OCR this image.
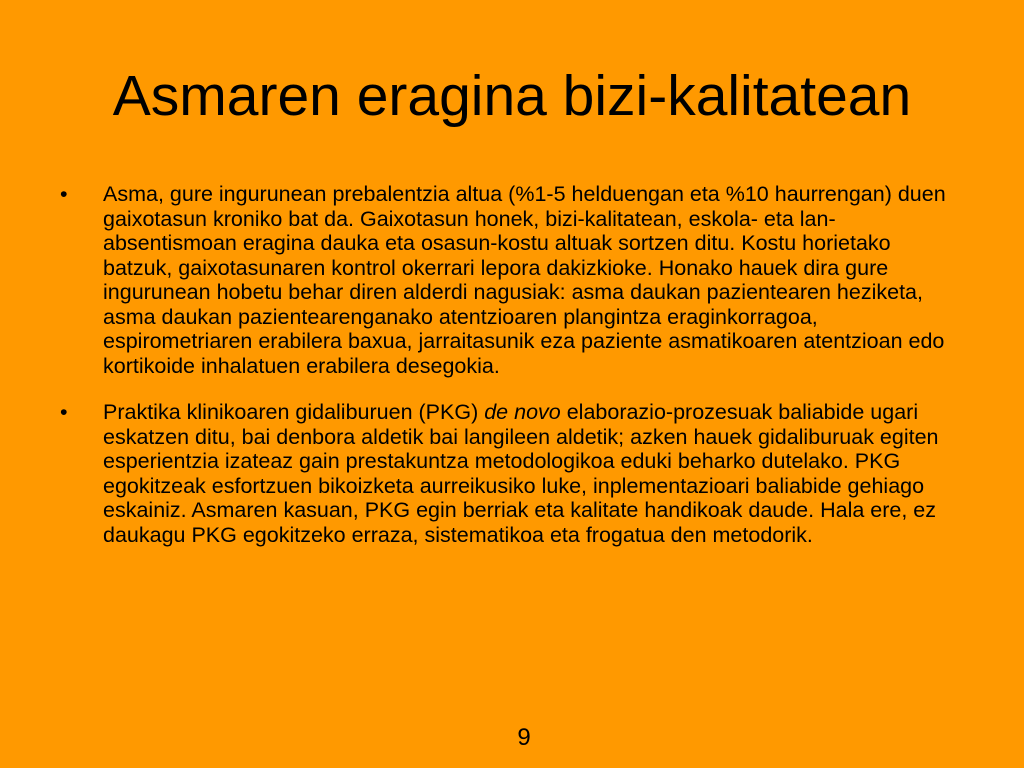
Asmaren eragina bizi-kalitatean
• Asma, gure ingurunean prebalentzia altua (%1-5 helduengan eta %10 haurrengan) duen gaixotasun kroniko bat da. Gaixotasun honek, bizi-kalitatean, eskola- eta lan-absentismoan eragina dauka eta osasun-kostu altuak sortzen ditu. Kostu horietako batzuk, gaixotasunaren kontrol okerrari lepora dakizkioke. Honako hauek dira gure ingurunean hobetu behar diren alderdi nagusiak: asma daukan pazientearen heziketa, asma daukan pazientearenganako atentzioaren plangintza eraginkorragoa, espirometriaren erabilera baxua, jarraitasunik eza paziente asmatikoaren atentzioan edo kortikoide inhalatuen erabilera desegokia.
• Praktika klinikoaren gidaliburuen (PKG) de novo elaborazio-prozesuak baliabide ugari eskatzen ditu, bai denbora aldetik bai langileen aldetik; azken hauek gidaliburuak egiten esperientzia izateaz gain prestakuntza metodologikoa eduki beharko dutelako. PKG egokitzeak esfortzuen bikoizketa aurreikusiko luke, inplementazioari baliabide gehiago eskainiz. Asmaren kasuan, PKG egin berriak eta kalitate handikoak daude. Hala ere, ez daukagu PKG egokitzeko erraza, sistematikoa eta frogatua den metodorik.
9
